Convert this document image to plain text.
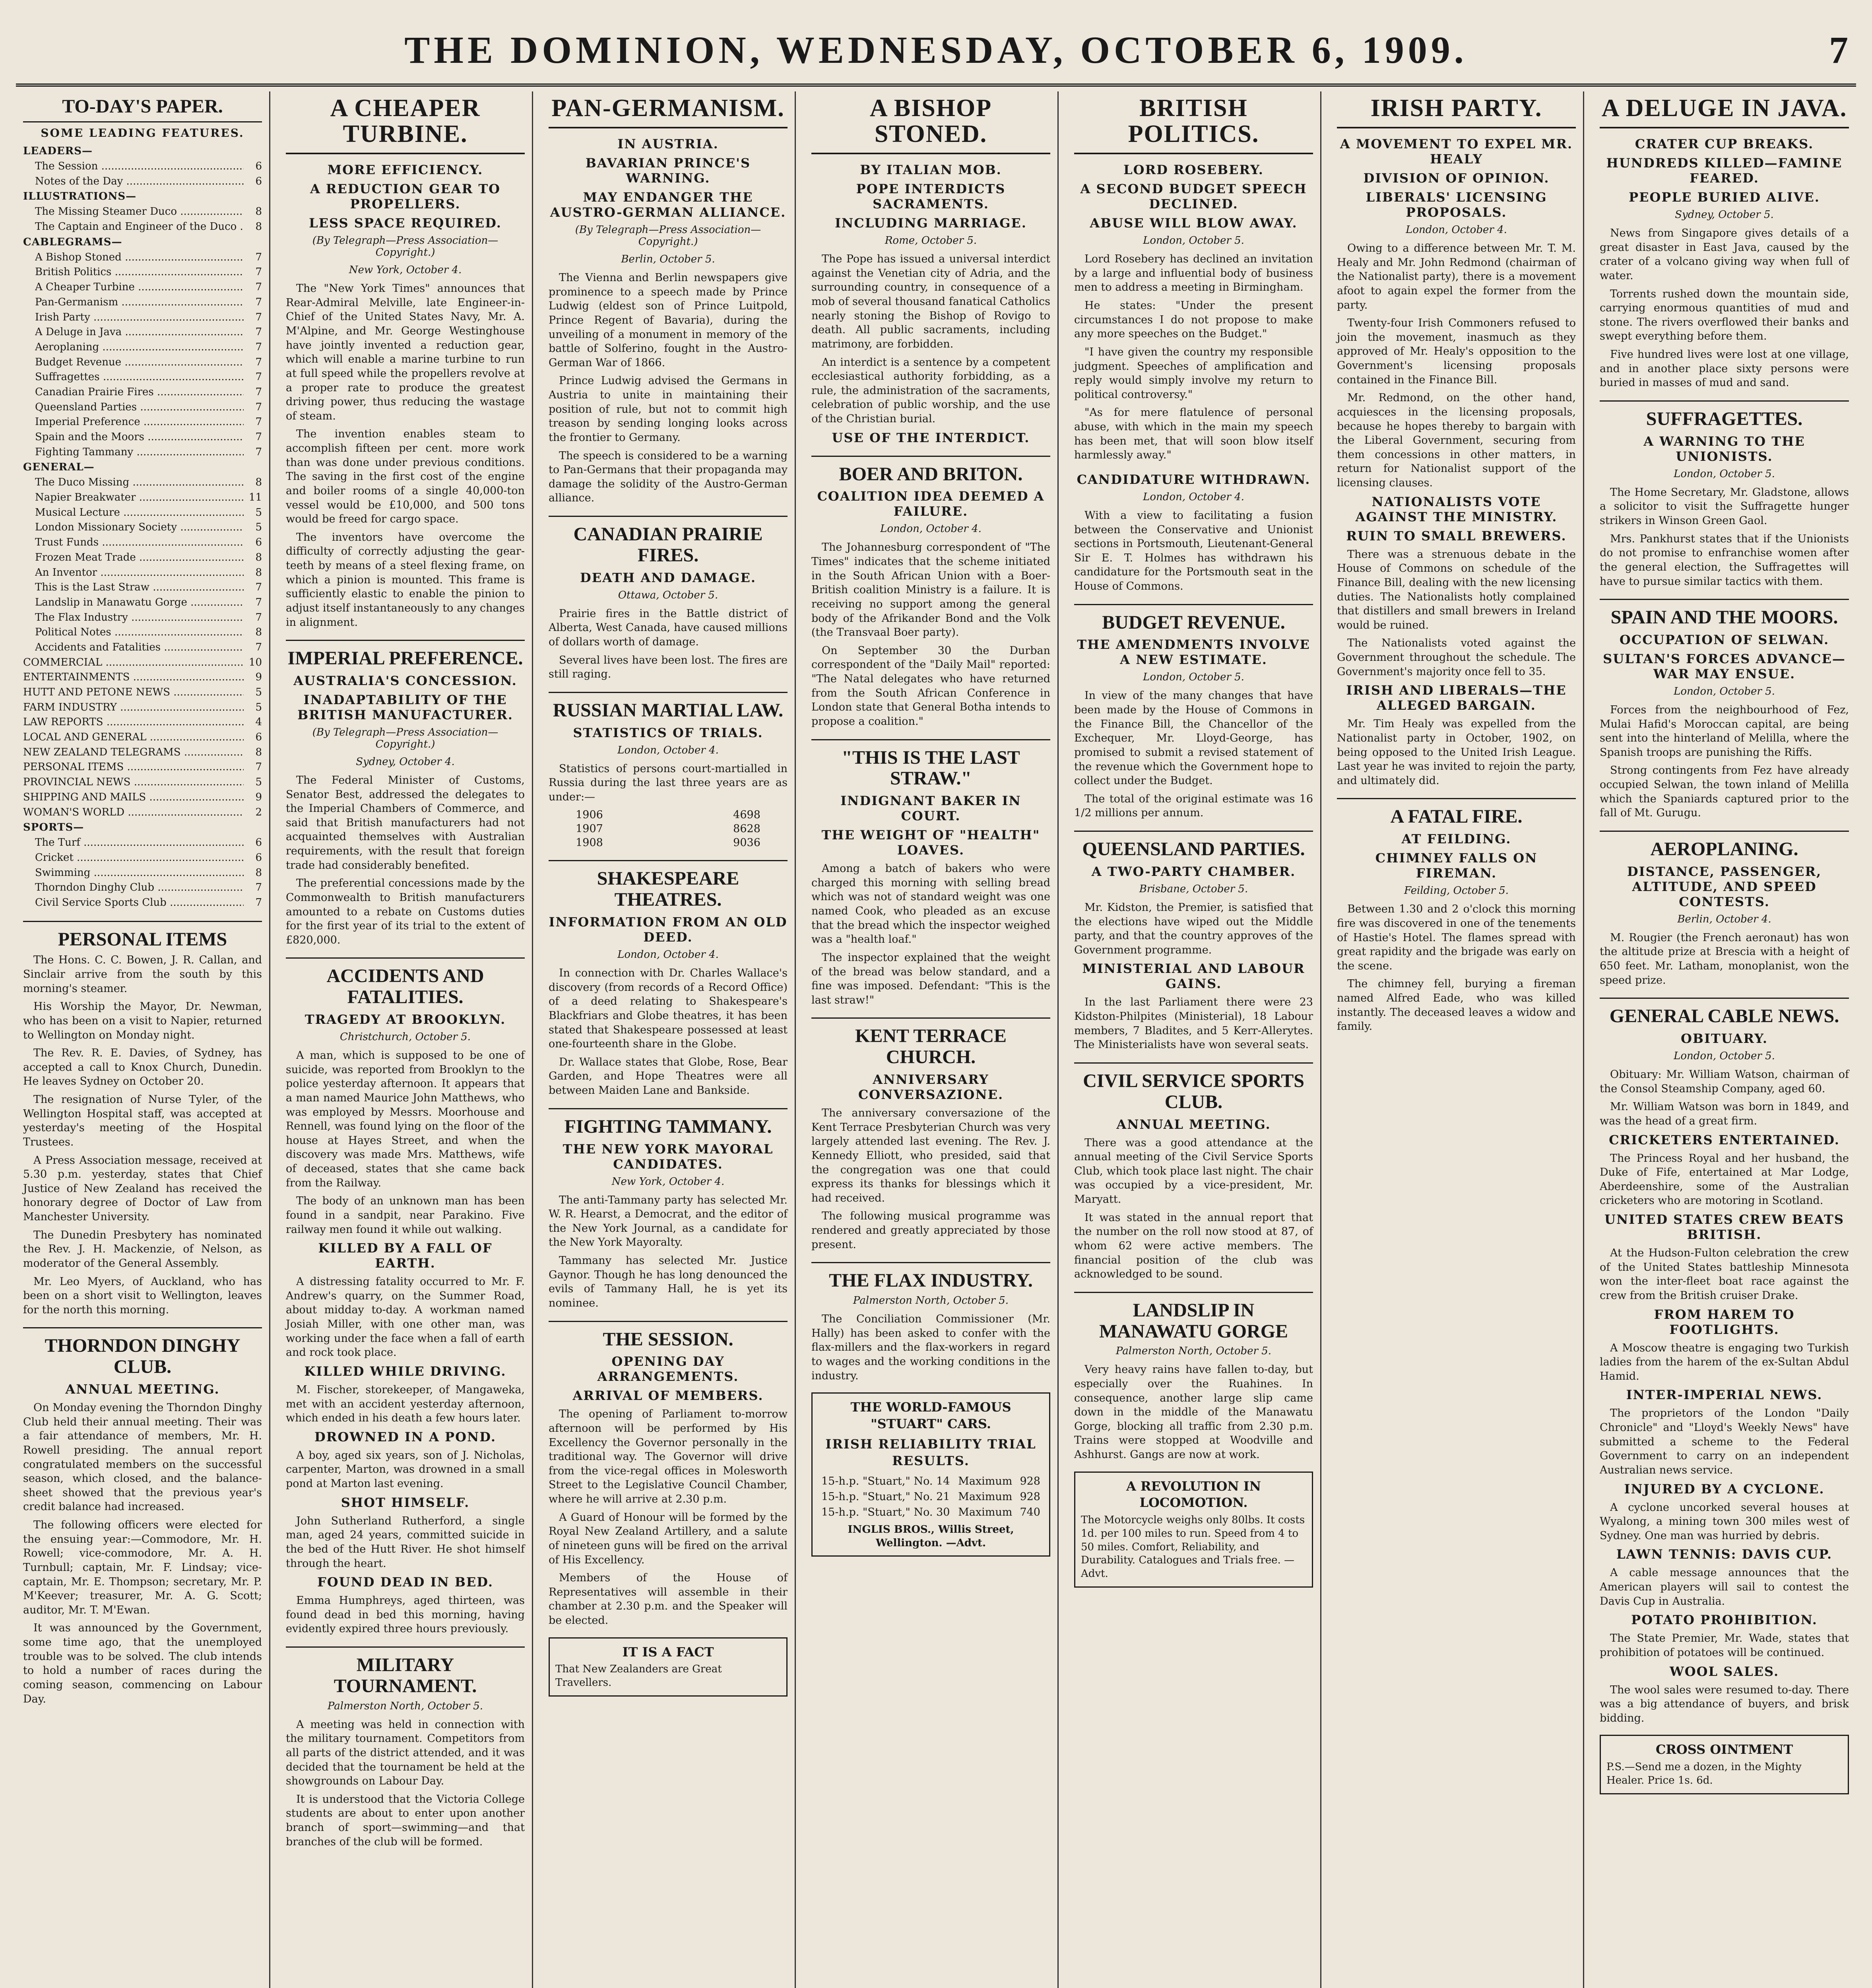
THE DOMINION, WEDNESDAY, OCTOBER 6, 1909.	7
TO-DAY'S PAPER.
SOME LEADING FEATURES.
LEADERS—
The Session .....	6
Notes of the Day .....	6
ILLUSTRATIONS—
The Missing Steamer Duco .....	8
The Captain and Engineer of the Duco .....	8
CABLEGRAMS—
A Bishop Stoned .....	7
British Politics .....	7
A Cheaper Turbine .....	7
Pan-Germanism .....	7
Irish Party .....	7
A Deluge in Java .....	7
Aeroplaning .....	7
Budget Revenue .....	7
Suffragettes .....	7
Canadian Prairie Fires .....	7
Queensland Parties .....	7
Imperial Preference .....	7
Spain and the Moors .....	7
Fighting Tammany .....	7
GENERAL—
The Duco Missing .....	8
Napier Breakwater .....	11
Musical Lecture .....	5
London Missionary Society .....	5
Trust Funds .....	6
Frozen Meat Trade .....	8
An Inventor .....	8
This is the Last Straw .....	7
Landslip in Manawatu Gorge .....	7
The Flax Industry .....	7
Political Notes .....	8
Accidents and Fatalities .....	7
COMMERCIAL .....	10
ENTERTAINMENTS .....	9
HUTT AND PETONE NEWS .....	5
FARM INDUSTRY .....	5
LAW REPORTS .....	4
LOCAL AND GENERAL .....	6
NEW ZEALAND TELEGRAMS .....	8
PERSONAL ITEMS .....	7
PROVINCIAL NEWS .....	5
SHIPPING AND MAILS .....	9
WOMAN'S WORLD .....	2
SPORTS—
The Turf .....	6
Cricket .....	6
Swimming .....	8
Thorndon Dinghy Club .....	7
Civil Service Sports Club .....	7
PERSONAL ITEMS

The Hons. C. C. Bowen, J. R. Callan, and Sinclair arrive from the south by this morning's steamer.

His Worship the Mayor, Dr. Newman, who has been on a visit to Napier, returned to Wellington on Monday night.

The Rev. R. E. Davies, of Sydney, has accepted a call to Knox Church, Dunedin. He leaves Sydney on October 20.

The resignation of Nurse Tyler, of the Wellington Hospital staff, was accepted at yesterday's meeting of the Hospital Trustees.

A Press Association message, received at 5.30 p.m. yesterday, states that Chief Justice of New Zealand has received the honorary degree of Doctor of Law from Manchester University.

The Dunedin Presbytery has nominated the Rev. J. H. Mackenzie, of Nelson, as moderator of the General Assembly.

Mr. Leo Myers, of Auckland, who has been on a short visit to Wellington, leaves for the north this morning.

THORNDON DINGHY CLUB.
ANNUAL MEETING.

On Monday evening the Thorndon Dinghy Club held their annual meeting. Their was a fair attendance of members, Mr. H. Rowell presiding. The annual report congratulated members on the successful season, which closed, and the balance-sheet showed that the previous year's credit balance had increased.

The following officers were elected for the ensuing year:—Commodore, Mr. H. Rowell; vice-commodore, Mr. A. H. Turnbull; captain, Mr. F. Lindsay; vice-captain, Mr. E. Thompson; secretary, Mr. P. M'Keever; treasurer, Mr. A. G. Scott; auditor, Mr. T. M'Ewan.

It was announced by the Government, some time ago, that the unemployed trouble was to be solved. The club intends to hold a number of races during the coming season, commencing on Labour Day.

A CHEAPER TURBINE.
MORE EFFICIENCY.
A REDUCTION GEAR TO PROPELLERS.
LESS SPACE REQUIRED.
(By Telegraph—Press Association—Copyright.)
New York, October 4.

The "New York Times" announces that Rear-Admiral Melville, late Engineer-in-Chief of the United States Navy, Mr. A. M'Alpine, and Mr. George Westinghouse have jointly invented a reduction gear, which will enable a marine turbine to run at full speed while the propellers revolve at a proper rate to produce the greatest driving power, thus reducing the wastage of steam.

The invention enables steam to accomplish fifteen per cent. more work than was done under previous conditions. The saving in the first cost of the engine and boiler rooms of a single 40,000-ton vessel would be £10,000, and 500 tons would be freed for cargo space.

The inventors have overcome the difficulty of correctly adjusting the gear-teeth by means of a steel flexing frame, on which a pinion is mounted. This frame is sufficiently elastic to enable the pinion to adjust itself instantaneously to any changes in alignment.

IMPERIAL PREFERENCE.
AUSTRALIA'S CONCESSION.
INADAPTABILITY OF THE BRITISH MANUFACTURER.
(By Telegraph—Press Association—Copyright.)
Sydney, October 4.

The Federal Minister of Customs, Senator Best, addressed the delegates to the Imperial Chambers of Commerce, and said that British manufacturers had not acquainted themselves with Australian requirements, with the result that foreign trade had considerably benefited.

The preferential concessions made by the Commonwealth to British manufacturers amounted to a rebate on Customs duties for the first year of its trial to the extent of £820,000.

ACCIDENTS AND FATALITIES.
TRAGEDY AT BROOKLYN.
Christchurch, October 5.

A man, which is supposed to be one of suicide, was reported from Brooklyn to the police yesterday afternoon. It appears that a man named Maurice John Matthews, who was employed by Messrs. Moorhouse and Rennell, was found lying on the floor of the house at Hayes Street, and when the discovery was made Mrs. Matthews, wife of deceased, states that she came back from the Railway.

The body of an unknown man has been found in a sandpit, near Parakino. Five railway men found it while out walking.

KILLED BY A FALL OF EARTH.

A distressing fatality occurred to Mr. F. Andrew's quarry, on the Summer Road, about midday to-day. A workman named Josiah Miller, with one other man, was working under the face when a fall of earth and rock took place.

KILLED WHILE DRIVING.

M. Fischer, storekeeper, of Mangaweka, met with an accident yesterday afternoon, which ended in his death a few hours later.

DROWNED IN A POND.

A boy, aged six years, son of J. Nicholas, carpenter, Marton, was drowned in a small pond at Marton last evening.

SHOT HIMSELF.

John Sutherland Rutherford, a single man, aged 24 years, committed suicide in the bed of the Hutt River. He shot himself through the heart.

FOUND DEAD IN BED.

Emma Humphreys, aged thirteen, was found dead in bed this morning, having evidently expired three hours previously.

MILITARY TOURNAMENT.
Palmerston North, October 5.

A meeting was held in connection with the military tournament. Competitors from all parts of the district attended, and it was decided that the tournament be held at the showgrounds on Labour Day.

It is understood that the Victoria College students are about to enter upon another branch of sport—swimming—and that branches of the club will be formed.

PAN-GERMANISM.
IN AUSTRIA.
BAVARIAN PRINCE'S WARNING.
MAY ENDANGER THE AUSTRO-GERMAN ALLIANCE.
(By Telegraph—Press Association—Copyright.)
Berlin, October 5.

The Vienna and Berlin newspapers give prominence to a speech made by Prince Ludwig (eldest son of Prince Luitpold, Prince Regent of Bavaria), during the unveiling of a monument in memory of the battle of Solferino, fought in the Austro-German War of 1866.

Prince Ludwig advised the Germans in Austria to unite in maintaining their position of rule, but not to commit high treason by sending longing looks across the frontier to Germany.

The speech is considered to be a warning to Pan-Germans that their propaganda may damage the solidity of the Austro-German alliance.

CANADIAN PRAIRIE FIRES.
DEATH AND DAMAGE.
Ottawa, October 5.

Prairie fires in the Battle district of Alberta, West Canada, have caused millions of dollars worth of damage.

Several lives have been lost. The fires are still raging.

RUSSIAN MARTIAL LAW.
STATISTICS OF TRIALS.
London, October 4.

Statistics of persons court-martialled in Russia during the last three years are as under:—

1906	4698
1907	8628
1908	9036
SHAKESPEARE THEATRES.
INFORMATION FROM AN OLD DEED.
London, October 4.

In connection with Dr. Charles Wallace's discovery (from records of a Record Office) of a deed relating to Shakespeare's Blackfriars and Globe theatres, it has been stated that Shakespeare possessed at least one-fourteenth share in the Globe.

Dr. Wallace states that Globe, Rose, Bear Garden, and Hope Theatres were all between Maiden Lane and Bankside.

FIGHTING TAMMANY.
THE NEW YORK MAYORAL CANDIDATES.
New York, October 4.

The anti-Tammany party has selected Mr. W. R. Hearst, a Democrat, and the editor of the New York Journal, as a candidate for the New York Mayoralty.

Tammany has selected Mr. Justice Gaynor. Though he has long denounced the evils of Tammany Hall, he is yet its nominee.

THE SESSION.
OPENING DAY ARRANGEMENTS.
ARRIVAL OF MEMBERS.

The opening of Parliament to-morrow afternoon will be performed by His Excellency the Governor personally in the traditional way. The Governor will drive from the vice-regal offices in Molesworth Street to the Legislative Council Chamber, where he will arrive at 2.30 p.m.

A Guard of Honour will be formed by the Royal New Zealand Artillery, and a salute of nineteen guns will be fired on the arrival of His Excellency.

Members of the House of Representatives will assemble in their chamber at 2.30 p.m. and the Speaker will be elected.

IT IS A FACT
That New Zealanders are Great Travellers.
A BISHOP STONED.
BY ITALIAN MOB.
POPE INTERDICTS SACRAMENTS.
INCLUDING MARRIAGE.
Rome, October 5.

The Pope has issued a universal interdict against the Venetian city of Adria, and the surrounding country, in consequence of a mob of several thousand fanatical Catholics nearly stoning the Bishop of Rovigo to death. All public sacraments, including matrimony, are forbidden.

An interdict is a sentence by a competent ecclesiastical authority forbidding, as a rule, the administration of the sacraments, celebration of public worship, and the use of the Christian burial.

USE OF THE INTERDICT.
BOER AND BRITON.
COALITION IDEA DEEMED A FAILURE.
London, October 4.

The Johannesburg correspondent of "The Times" indicates that the scheme initiated in the South African Union with a Boer-British coalition Ministry is a failure. It is receiving no support among the general body of the Afrikander Bond and the Volk (the Transvaal Boer party).

On September 30 the Durban correspondent of the "Daily Mail" reported: "The Natal delegates who have returned from the South African Conference in London state that General Botha intends to propose a coalition."

"THIS IS THE LAST STRAW."
INDIGNANT BAKER IN COURT.
THE WEIGHT OF "HEALTH" LOAVES.

Among a batch of bakers who were charged this morning with selling bread which was not of standard weight was one named Cook, who pleaded as an excuse that the bread which the inspector weighed was a "health loaf."

The inspector explained that the weight of the bread was below standard, and a fine was imposed. Defendant: "This is the last straw!"

KENT TERRACE CHURCH.
ANNIVERSARY CONVERSAZIONE.

The anniversary conversazione of the Kent Terrace Presbyterian Church was very largely attended last evening. The Rev. J. Kennedy Elliott, who presided, said that the congregation was one that could express its thanks for blessings which it had received.

The following musical programme was rendered and greatly appreciated by those present.

THE FLAX INDUSTRY.
Palmerston North, October 5.

The Conciliation Commissioner (Mr. Hally) has been asked to confer with the flax-millers and the flax-workers in regard to wages and the working conditions in the industry.

THE WORLD-FAMOUS "STUART" CARS.
IRISH RELIABILITY TRIAL RESULTS.
15-h.p. "Stuart," No. 14	Maximum	928
15-h.p. "Stuart," No. 21	Maximum	928
15-h.p. "Stuart," No. 30	Maximum	740
INGLIS BROS., Willis Street, Wellington. —Advt.
BRITISH POLITICS.
LORD ROSEBERY.
A SECOND BUDGET SPEECH DECLINED.
ABUSE WILL BLOW AWAY.
London, October 5.

Lord Rosebery has declined an invitation by a large and influential body of business men to address a meeting in Birmingham.

He states: "Under the present circumstances I do not propose to make any more speeches on the Budget."

"I have given the country my responsible judgment. Speeches of amplification and reply would simply involve my return to political controversy."

"As for mere flatulence of personal abuse, with which in the main my speech has been met, that will soon blow itself harmlessly away."

CANDIDATURE WITHDRAWN.
London, October 4.

With a view to facilitating a fusion between the Conservative and Unionist sections in Portsmouth, Lieutenant-General Sir E. T. Holmes has withdrawn his candidature for the Portsmouth seat in the House of Commons.

BUDGET REVENUE.
THE AMENDMENTS INVOLVE A NEW ESTIMATE.
London, October 5.

In view of the many changes that have been made by the House of Commons in the Finance Bill, the Chancellor of the Exchequer, Mr. Lloyd-George, has promised to submit a revised statement of the revenue which the Government hope to collect under the Budget.

The total of the original estimate was 16 1/2 millions per annum.

QUEENSLAND PARTIES.
A TWO-PARTY CHAMBER.
Brisbane, October 5.

Mr. Kidston, the Premier, is satisfied that the elections have wiped out the Middle party, and that the country approves of the Government programme.

MINISTERIAL AND LABOUR GAINS.

In the last Parliament there were 23 Kidston-Philpites (Ministerial), 18 Labour members, 7 Bladites, and 5 Kerr-Allerytes. The Ministerialists have won several seats.

CIVIL SERVICE SPORTS CLUB.
ANNUAL MEETING.

There was a good attendance at the annual meeting of the Civil Service Sports Club, which took place last night. The chair was occupied by a vice-president, Mr. Maryatt.

It was stated in the annual report that the number on the roll now stood at 87, of whom 62 were active members. The financial position of the club was acknowledged to be sound.

LANDSLIP IN MANAWATU GORGE
Palmerston North, October 5.

Very heavy rains have fallen to-day, but especially over the Ruahines. In consequence, another large slip came down in the middle of the Manawatu Gorge, blocking all traffic from 2.30 p.m. Trains were stopped at Woodville and Ashhurst. Gangs are now at work.

A REVOLUTION IN LOCOMOTION.
The Motorcycle weighs only 80lbs. It costs 1d. per 100 miles to run. Speed from 4 to 50 miles. Comfort, Reliability, and Durability. Catalogues and Trials free. —Advt.
IRISH PARTY.
A MOVEMENT TO EXPEL MR. HEALY
DIVISION OF OPINION.
LIBERALS' LICENSING PROPOSALS.
London, October 4.

Owing to a difference between Mr. T. M. Healy and Mr. John Redmond (chairman of the Nationalist party), there is a movement afoot to again expel the former from the party.

Twenty-four Irish Commoners refused to join the movement, inasmuch as they approved of Mr. Healy's opposition to the Government's licensing proposals contained in the Finance Bill.

Mr. Redmond, on the other hand, acquiesces in the licensing proposals, because he hopes thereby to bargain with the Liberal Government, securing from them concessions in other matters, in return for Nationalist support of the licensing clauses.

NATIONALISTS VOTE AGAINST THE MINISTRY.
RUIN TO SMALL BREWERS.

There was a strenuous debate in the House of Commons on schedule of the Finance Bill, dealing with the new licensing duties. The Nationalists hotly complained that distillers and small brewers in Ireland would be ruined.

The Nationalists voted against the Government throughout the schedule. The Government's majority once fell to 35.

IRISH AND LIBERALS—THE ALLEGED BARGAIN.

Mr. Tim Healy was expelled from the Nationalist party in October, 1902, on being opposed to the United Irish League. Last year he was invited to rejoin the party, and ultimately did.

A FATAL FIRE.
AT FEILDING.
CHIMNEY FALLS ON FIREMAN.
Feilding, October 5.

Between 1.30 and 2 o'clock this morning fire was discovered in one of the tenements of Hastie's Hotel. The flames spread with great rapidity and the brigade was early on the scene.

The chimney fell, burying a fireman named Alfred Eade, who was killed instantly. The deceased leaves a widow and family.

A DELUGE IN JAVA.
CRATER CUP BREAKS.
HUNDREDS KILLED—FAMINE FEARED.
PEOPLE BURIED ALIVE.
Sydney, October 5.

News from Singapore gives details of a great disaster in East Java, caused by the crater of a volcano giving way when full of water.

Torrents rushed down the mountain side, carrying enormous quantities of mud and stone. The rivers overflowed their banks and swept everything before them.

Five hundred lives were lost at one village, and in another place sixty persons were buried in masses of mud and sand.

SUFFRAGETTES.
A WARNING TO THE UNIONISTS.
London, October 5.

The Home Secretary, Mr. Gladstone, allows a solicitor to visit the Suffragette hunger strikers in Winson Green Gaol.

Mrs. Pankhurst states that if the Unionists do not promise to enfranchise women after the general election, the Suffragettes will have to pursue similar tactics with them.

SPAIN AND THE MOORS.
OCCUPATION OF SELWAN.
SULTAN'S FORCES ADVANCE—WAR MAY ENSUE.
London, October 5.

Forces from the neighbourhood of Fez, Mulai Hafid's Moroccan capital, are being sent into the hinterland of Melilla, where the Spanish troops are punishing the Riffs.

Strong contingents from Fez have already occupied Selwan, the town inland of Melilla which the Spaniards captured prior to the fall of Mt. Gurugu.

AEROPLANING.
DISTANCE, PASSENGER, ALTITUDE, AND SPEED CONTESTS.
Berlin, October 4.

M. Rougier (the French aeronaut) has won the altitude prize at Brescia with a height of 650 feet. Mr. Latham, monoplanist, won the speed prize.

GENERAL CABLE NEWS.
OBITUARY.
London, October 5.

Obituary: Mr. William Watson, chairman of the Consol Steamship Company, aged 60.

Mr. William Watson was born in 1849, and was the head of a great firm.

CRICKETERS ENTERTAINED.

The Princess Royal and her husband, the Duke of Fife, entertained at Mar Lodge, Aberdeenshire, some of the Australian cricketers who are motoring in Scotland.

UNITED STATES CREW BEATS BRITISH.

At the Hudson-Fulton celebration the crew of the United States battleship Minnesota won the inter-fleet boat race against the crew from the British cruiser Drake.

FROM HAREM TO FOOTLIGHTS.

A Moscow theatre is engaging two Turkish ladies from the harem of the ex-Sultan Abdul Hamid.

INTER-IMPERIAL NEWS.

The proprietors of the London "Daily Chronicle" and "Lloyd's Weekly News" have submitted a scheme to the Federal Government to carry on an independent Australian news service.

INJURED BY A CYCLONE.

A cyclone uncorked several houses at Wyalong, a mining town 300 miles west of Sydney. One man was hurried by debris.

LAWN TENNIS: DAVIS CUP.

A cable message announces that the American players will sail to contest the Davis Cup in Australia.

POTATO PROHIBITION.

The State Premier, Mr. Wade, states that prohibition of potatoes will be continued.

WOOL SALES.

The wool sales were resumed to-day. There was a big attendance of buyers, and brisk bidding.

CROSS OINTMENT
P.S.—Send me a dozen, in the Mighty Healer. Price 1s. 6d.
